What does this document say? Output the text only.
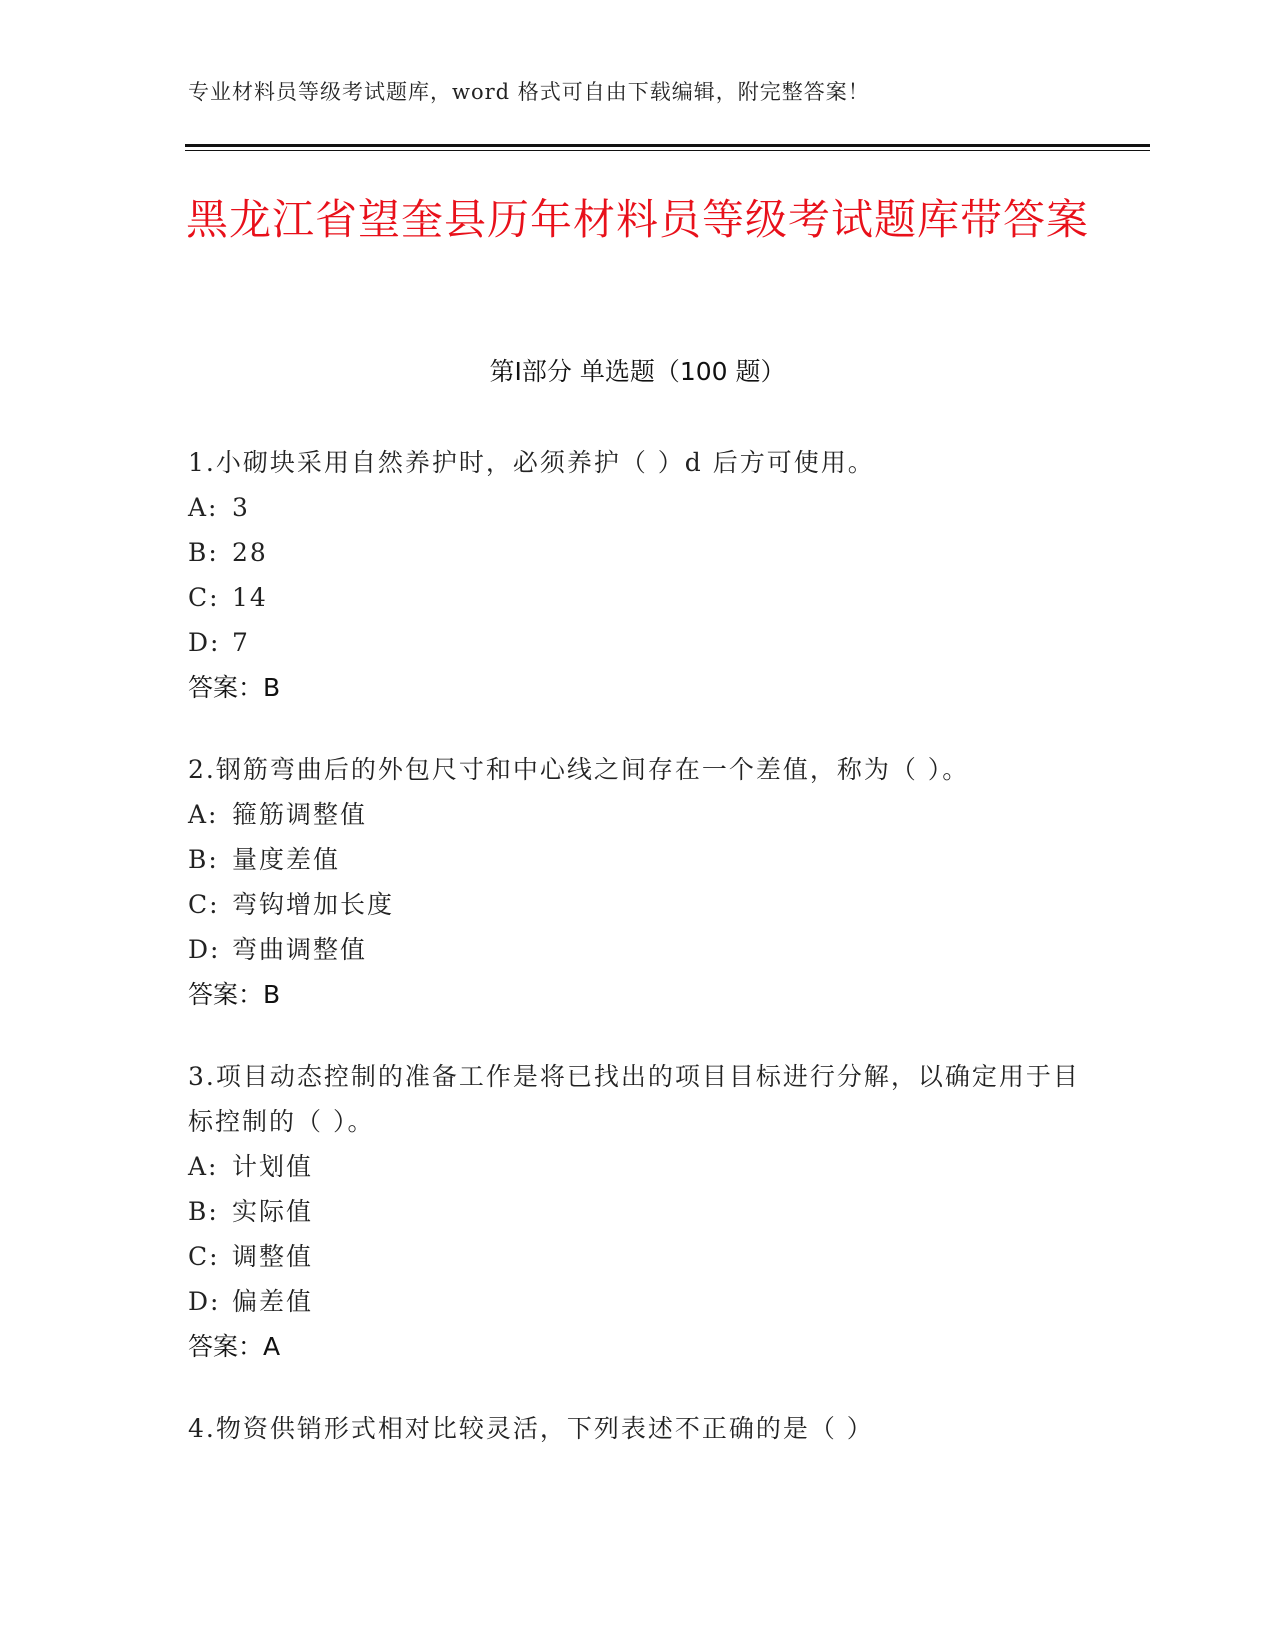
专业材料员等级考试题库，word 格式可自由下载编辑，附完整答案！
黑龙江省望奎县历年材料员等级考试题库带答案
第Ⅰ部分 单选题（100 题）
1.小砌块采用自然养护时，必须养护（ ）d 后方可使用。
A: 3
B: 28
C: 14
D: 7
答案：B
2.钢筋弯曲后的外包尺寸和中心线之间存在一个差值，称为（ ）。
A: 箍筋调整值
B: 量度差值
C: 弯钩增加长度
D: 弯曲调整值
答案：B
3.项目动态控制的准备工作是将已找出的项目目标进行分解，以确定用于目标控制的（ ）。
A: 计划值
B: 实际值
C: 调整值
D: 偏差值
答案：A
4.物资供销形式相对比较灵活，下列表述不正确的是（ ）
